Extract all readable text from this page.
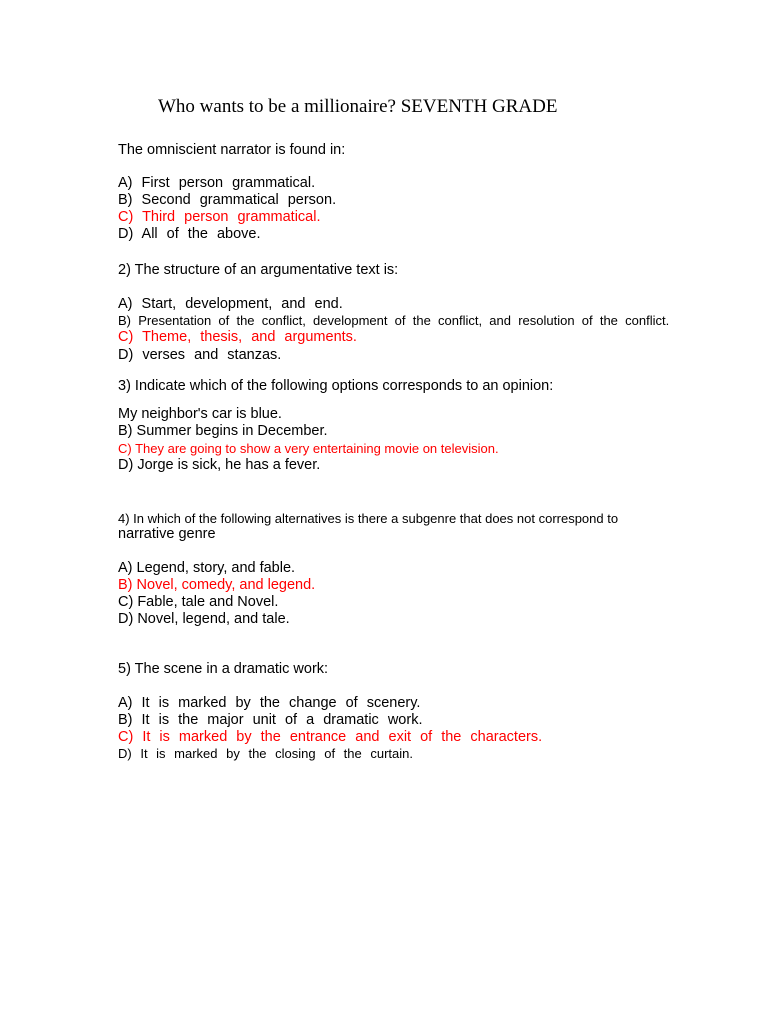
Who wants to be a millionaire? SEVENTH GRADE
The omniscient narrator is found in:
A) First person grammatical.
B) Second grammatical person.
C) Third person grammatical.
D) All of the above.
2) The structure of an argumentative text is:
A) Start, development, and end.
B) Presentation of the conflict, development of the conflict, and resolution of the conflict.
C) Theme, thesis, and arguments.
D) verses and stanzas.
3) Indicate which of the following options corresponds to an opinion:
My neighbor's car is blue.
B) Summer begins in December.
C) They are going to show a very entertaining movie on television.
D) Jorge is sick, he has a fever.
4) In which of the following alternatives is there a subgenre that does not correspond to
narrative genre
A) Legend, story, and fable.
B) Novel, comedy, and legend.
C) Fable, tale and Novel.
D) Novel, legend, and tale.
5) The scene in a dramatic work:
A) It is marked by the change of scenery.
B) It is the major unit of a dramatic work.
C) It is marked by the entrance and exit of the characters.
D) It is marked by the closing of the curtain.
